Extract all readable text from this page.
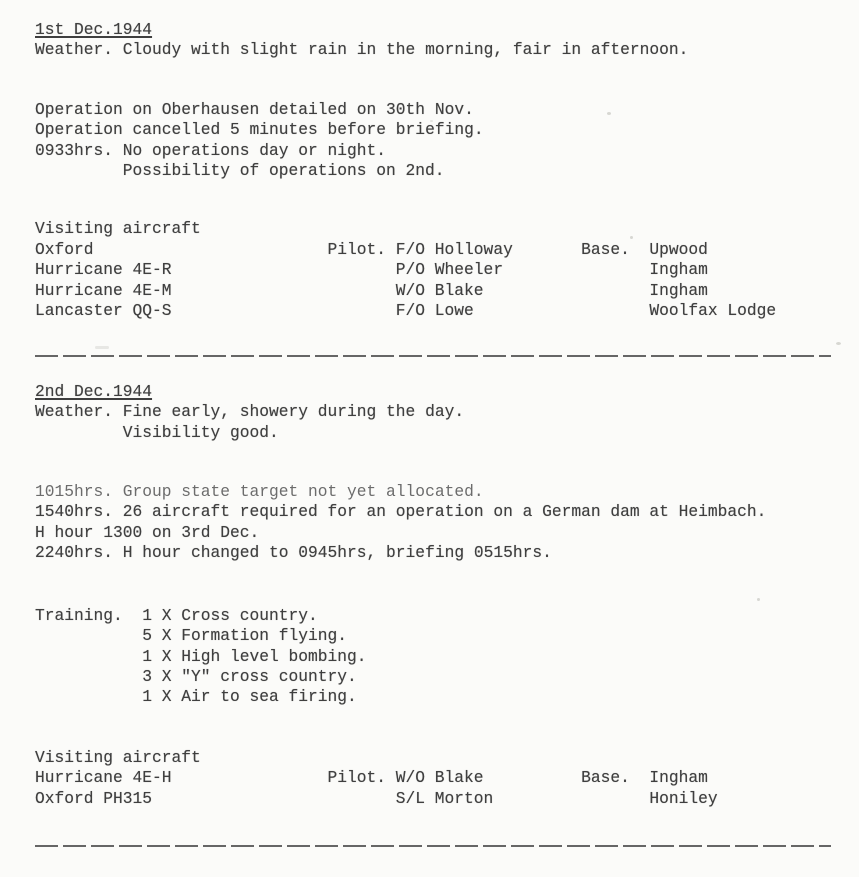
1st Dec.1944
Weather. Cloudy with slight rain in the morning, fair in afternoon.
Operation on Oberhausen detailed on 30th Nov.
Operation cancelled 5 minutes before briefing.
0933hrs. No operations day or night.
Possibility of operations on 2nd.
Visiting aircraft
Oxford	Pilot. F/O Holloway	Base.	Upwood
Hurricane 4E-R	P/O Wheeler	Ingham
Hurricane 4E-M	W/O Blake	Ingham
Lancaster QQ-S	F/O Lowe	Woolfax Lodge
2nd Dec.1944
Weather. Fine early, showery during the day.
Visibility good.
1015hrs. Group state target not yet allocated.
1540hrs. 26 aircraft required for an operation on a German dam at Heimbach.
H hour 1300 on 3rd Dec.
2240hrs. H hour changed to 0945hrs, briefing 0515hrs.
Training.	1 X Cross country.
5 X Formation flying.
1 X High level bombing.
3 X "Y" cross country.
1 X Air to sea firing.
Visiting aircraft
Hurricane 4E-H	Pilot. W/O Blake	Base.	Ingham
Oxford PH315	S/L Morton	Honiley
